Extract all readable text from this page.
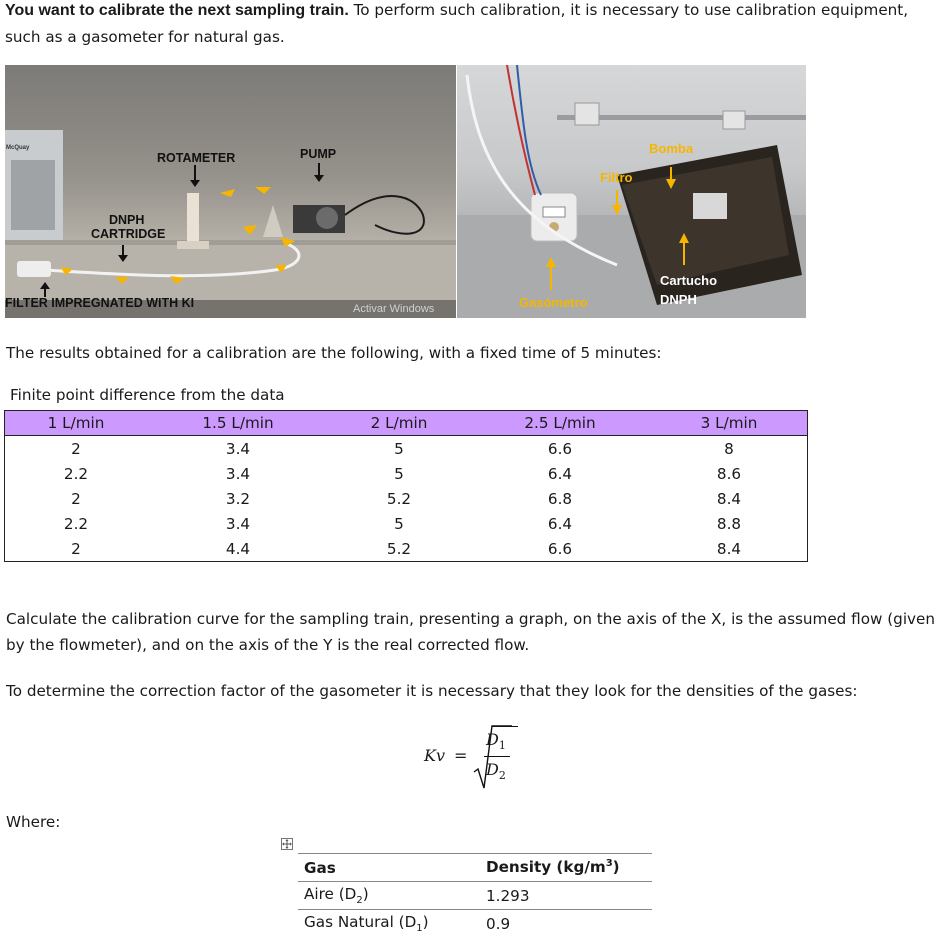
You want to calibrate the next sampling train. To perform such calibration, it is necessary to use calibration equipment, such as a gasometer for natural gas.
McQuay
ROTAMETER	PUMP
DNPH
CARTRIDGE
FILTER IMPREGNATED WITH KI	Activar Windows
Bomba
Filtro
Cartucho
DNPH
Gasómetro
The results obtained for a calibration are the following, with a fixed time of 5 minutes:
Finite point difference from the data
1 L/min	1.5 L/min	2 L/min	2.5 L/min	3 L/min
2	3.4	5	6.6	8
2.2	3.4	5	6.4	8.6
2	3.2	5.2	6.8	8.4
2.2	3.4	5	6.4	8.8
2	4.4	5.2	6.6	8.4
Calculate the calibration curve for the sampling train, presenting a graph, on the axis of the X, is the assumed flow (given by the flowmeter), and on the axis of the Y is the real corrected flow.
To determine the correction factor of the gasometer it is necessary that they look for the densities of the gases:
Kv =
$D_1$
$D_2$
Where:
Gas	Density $(kg/m^3)$
Aire $(D_2)$	1.293
Gas Natural $(D_1)$	0.9
